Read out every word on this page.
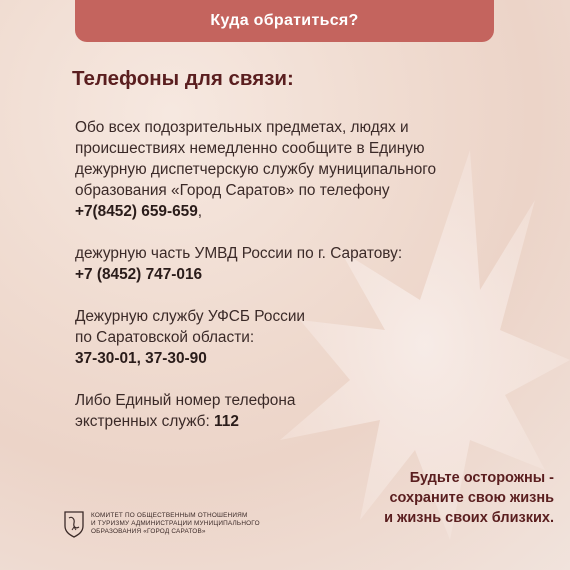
Куда обратиться?
Телефоны для связи:

Обо всех подозрительных предметах, людях и
происшествиях немедленно сообщите в Единую
дежурную диспетчерскую службу муниципального
образования «Город Саратов» по телефону
+7(8452) 659-659,

дежурную часть УМВД России по г. Саратову:
+7 (8452) 747-016

Дежурную службу УФСБ России
по Саратовской области:
37-30-01, 37-30-90

Либо Единый номер телефона
экстренных служб: 112

Будьте осторожны -
сохраните свою жизнь
и жизнь своих близких.
КОМИТЕТ ПО ОБЩЕСТВЕННЫМ ОТНОШЕНИЯМ
И ТУРИЗМУ АДМИНИСТРАЦИИ МУНИЦИПАЛЬНОГО
ОБРАЗОВАНИЯ «ГОРОД САРАТОВ»
